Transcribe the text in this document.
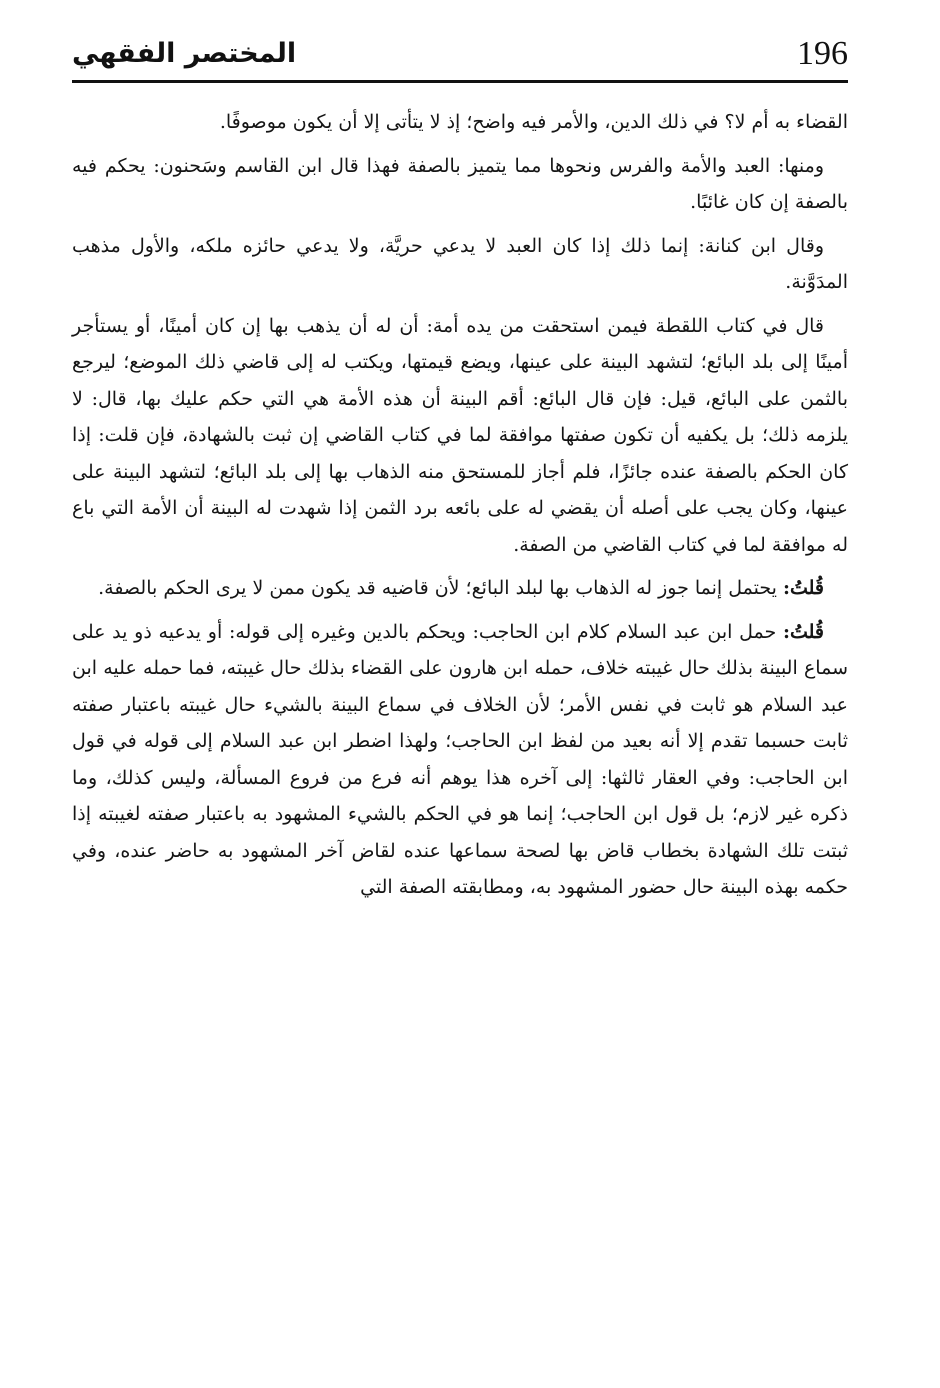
196
المختصر الفقهي

القضاء به أم لا؟ في ذلك الدين، والأمر فيه واضح؛ إذ لا يتأتى إلا أن يكون موصوفًا.

ومنها: العبد والأمة والفرس ونحوها مما يتميز بالصفة فهذا قال ابن القاسم وسَحنون: يحكم فيه بالصفة إن كان غائبًا.

وقال ابن كنانة: إنما ذلك إذا كان العبد لا يدعي حريَّة، ولا يدعي حائزه ملكه، والأول مذهب المدَوَّنة.

قال في كتاب اللقطة فيمن استحقت من يده أمة: أن له أن يذهب بها إن كان أمينًا، أو يستأجر أمينًا إلى بلد البائع؛ لتشهد البينة على عينها، ويضع قيمتها، ويكتب له إلى قاضي ذلك الموضع؛ ليرجع بالثمن على البائع، قيل: فإن قال البائع: أقم البينة أن هذه الأمة هي التي حكم عليك بها، قال: لا يلزمه ذلك؛ بل يكفيه أن تكون صفتها موافقة لما في كتاب القاضي إن ثبت بالشهادة، فإن قلت: إذا كان الحكم بالصفة عنده جائزًا، فلم أجاز للمستحق منه الذهاب بها إلى بلد البائع؛ لتشهد البينة على عينها، وكان يجب على أصله أن يقضي له على بائعه برد الثمن إذا شهدت له البينة أن الأمة التي باع له موافقة لما في كتاب القاضي من الصفة.

قُلتُ: يحتمل إنما جوز له الذهاب بها لبلد البائع؛ لأن قاضيه قد يكون ممن لا يرى الحكم بالصفة.

قُلتُ: حمل ابن عبد السلام كلام ابن الحاجب: ويحكم بالدين وغيره إلى قوله: أو يدعيه ذو يد على سماع البينة بذلك حال غيبته خلاف، حمله ابن هارون على القضاء بذلك حال غيبته، فما حمله عليه ابن عبد السلام هو ثابت في نفس الأمر؛ لأن الخلاف في سماع البينة بالشيء حال غيبته باعتبار صفته ثابت حسبما تقدم إلا أنه بعيد من لفظ ابن الحاجب؛ ولهذا اضطر ابن عبد السلام إلى قوله في قول ابن الحاجب: وفي العقار ثالثها: إلى آخره هذا يوهم أنه فرع من فروع المسألة، وليس كذلك، وما ذكره غير لازم؛ بل قول ابن الحاجب؛ إنما هو في الحكم بالشيء المشهود به باعتبار صفته لغيبته إذا ثبتت تلك الشهادة بخطاب قاض بها لصحة سماعها عنده لقاض آخر المشهود به حاضر عنده، وفي حكمه بهذه البينة حال حضور المشهود به، ومطابقته الصفة التي
